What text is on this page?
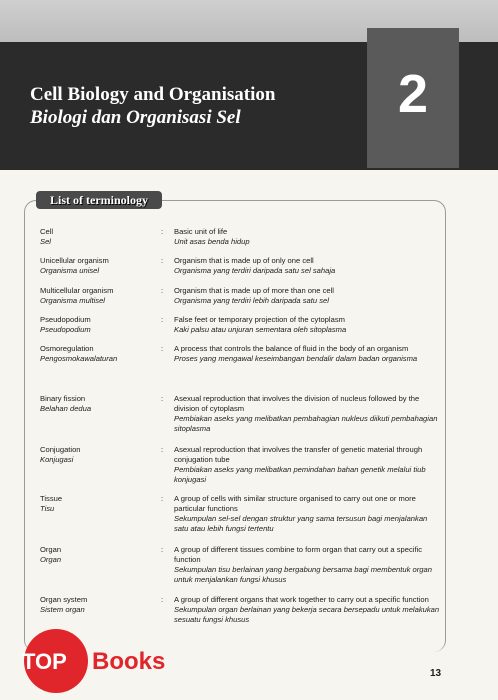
Cell Biology and Organisation
Biologi dan Organisasi Sel	2
List of terminology
Cell
Sel
: Basic unit of life
Unit asas benda hidup
Unicellular organism
Organisma unisel
: Organism that is made up of only one cell
Organisma yang terdiri daripada satu sel sahaja
Multicellular organism
Organisma multisel
: Organism that is made up of more than one cell
Organisma yang terdiri lebih daripada satu sel
Pseudopodium
Pseudopodium
: False feet or temporary projection of the cytoplasm
Kaki palsu atau unjuran sementara oleh sitoplasma
Osmoregulation
Pengosmokawalaturan
: A process that controls the balance of fluid in the body of an organism
Proses yang mengawal keseimbangan bendalir dalam badan organisma
Binary fission
Belahan dedua
: Asexual reproduction that involves the division of nucleus followed by the division of cytoplasm
Pembiakan aseks yang melibatkan pembahagian nukleus diikuti pembahagian sitoplasma
Conjugation
Konjugasi
: Asexual reproduction that involves the transfer of genetic material through conjugation tube
Pembiakan aseks yang melibatkan pemindahan bahan genetik melalui tiub konjugasi
Tissue
Tisu
: A group of cells with similar structure organised to carry out one or more particular functions
Sekumpulan sel-sel dengan struktur yang sama tersusun bagi menjalankan satu atau lebih fungsi tertentu
Organ
Organ
: A group of different tissues combine to form organ that carry out a specific function
Sekumpulan tisu berlainan yang bergabung bersama bagi membentuk organ untuk menjalankan fungsi khusus
Organ system
Sistem organ
: A group of different organs that work together to carry out a specific function
Sekumpulan organ berlainan yang bekerja secara bersepadu untuk melakukan sesuatu fungsi khusus
TOP Books	13
